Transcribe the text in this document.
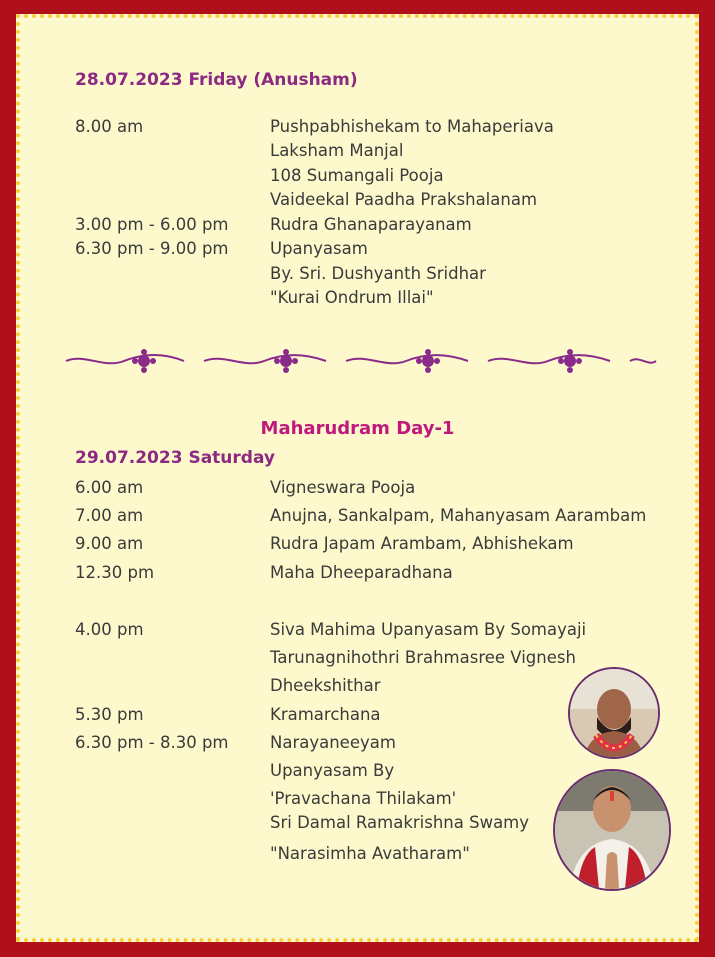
28.07.2023 Friday (Anusham)
8.00 am	Pushpabhishekam to Mahaperiava
Laksham Manjal
108 Sumangali Pooja
Vaideekal Paadha Prakshalanam
3.00 pm - 6.00 pm	Rudra Ghanaparayanam
6.30 pm - 9.00 pm	Upanyasam
By. Sri. Dushyanth Sridhar
"Kurai Ondrum Illai"
Maharudram Day-1
29.07.2023 Saturday
6.00 am	Vigneswara Pooja
7.00 am	Anujna, Sankalpam, Mahanyasam Aarambam
9.00 am	Rudra Japam Arambam, Abhishekam
12.30 pm	Maha Dheeparadhana
4.00 pm	Siva Mahima Upanyasam By Somayaji
Tarunagnihothri Brahmasree Vignesh
Dheekshithar
5.30 pm	Kramarchana
6.30 pm - 8.30 pm	Narayaneeyam
Upanyasam By
'Pravachana Thilakam'
Sri Damal Ramakrishna Swamy
"Narasimha Avatharam"
